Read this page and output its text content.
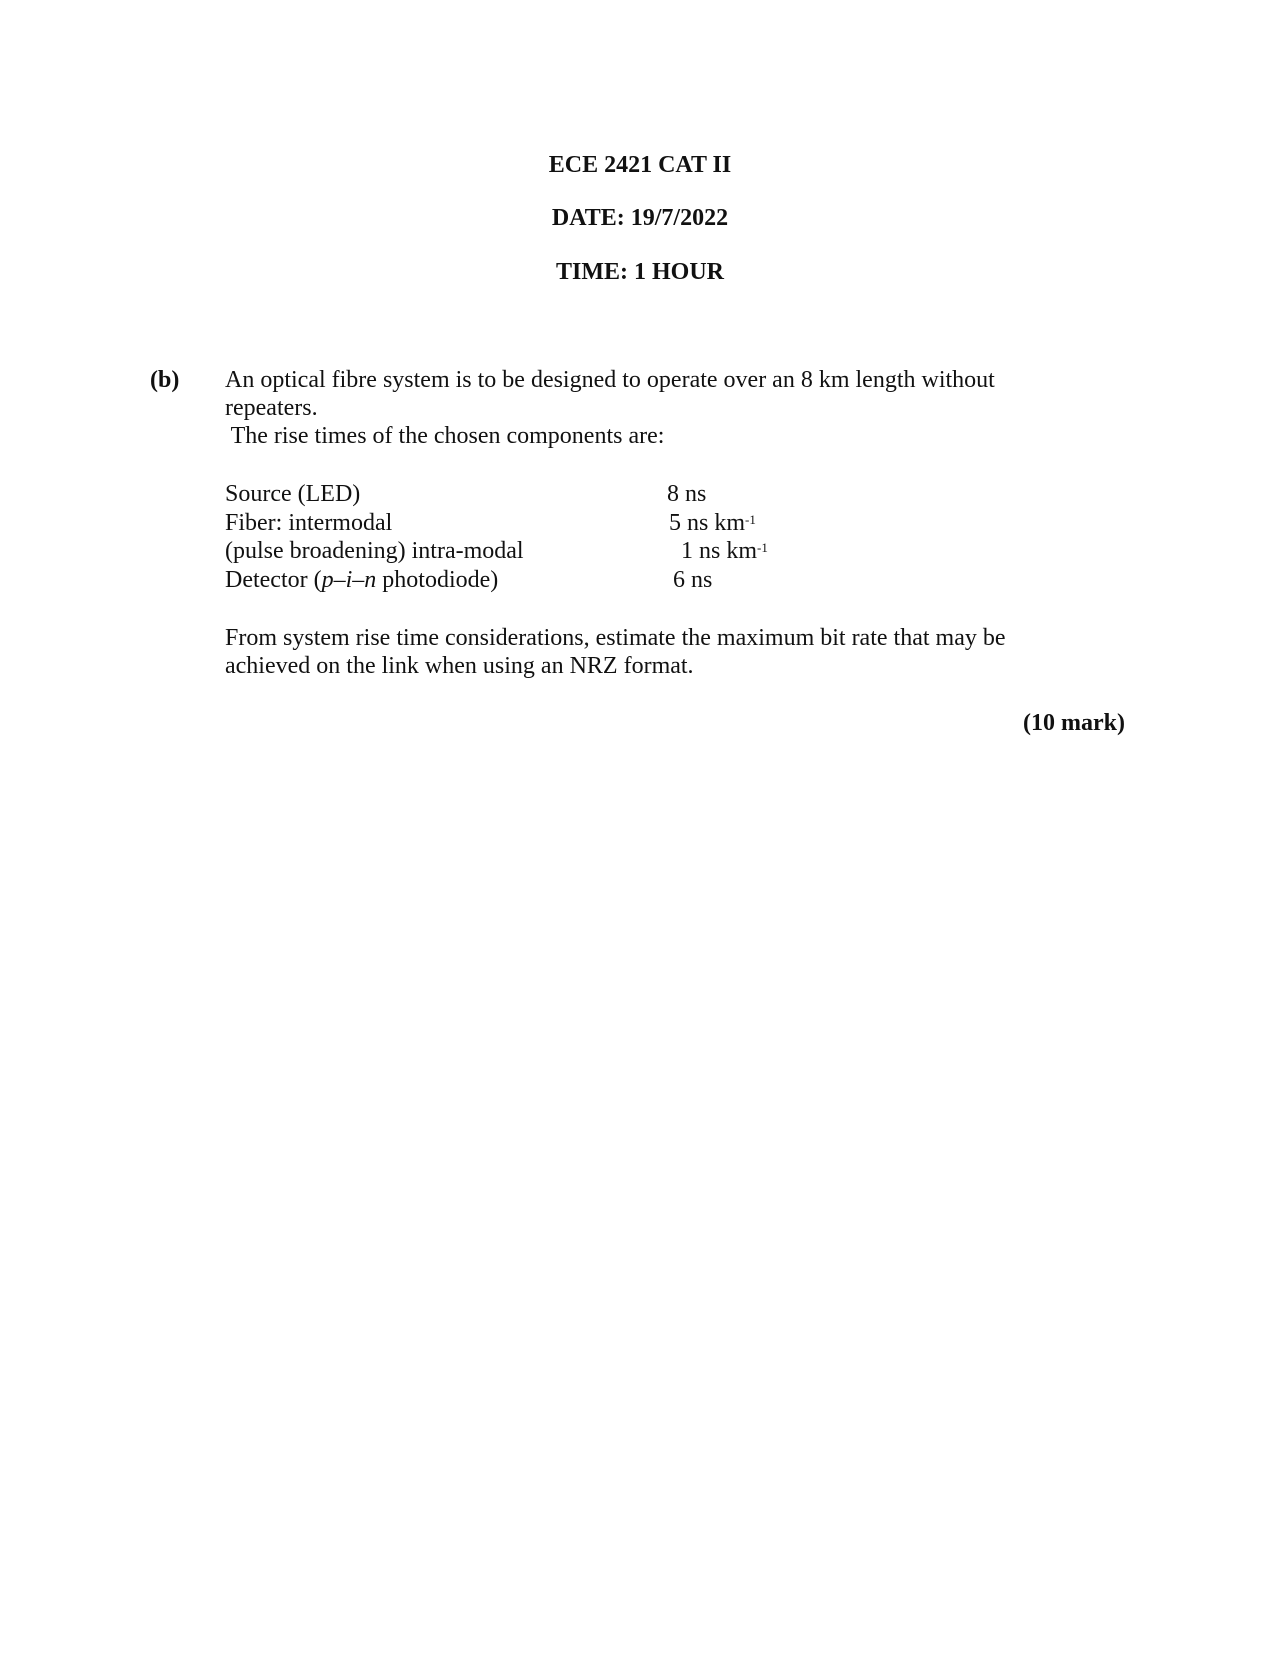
ECE 2421 CAT II
DATE: 19/7/2022
TIME: 1 HOUR
(b) An optical fibre system is to be designed to operate over an 8 km length without
repeaters.
The rise times of the chosen components are:
Source (LED)	8 ns
Fiber: intermodal	5 ns $km^{-1}$
(pulse broadening) intra-modal	1 ns $km^{-1}$
Detector (p–i–n photodiode)	6 ns
From system rise time considerations, estimate the maximum bit rate that may be
achieved on the link when using an NRZ format.
(10 mark)
